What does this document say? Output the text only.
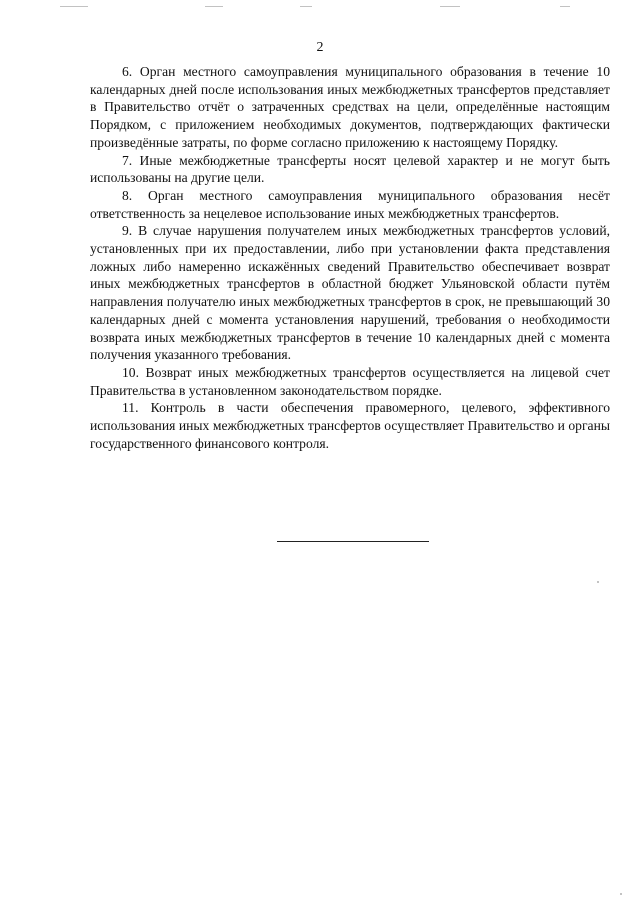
2

6. Орган местного самоуправления муниципального образования в течение 10 календарных дней после использования иных межбюджетных трансфертов представляет в Правительство отчёт о затраченных средствах на цели, определённые настоящим Порядком, с приложением необходимых документов, подтверждающих фактически произведённые затраты, по форме согласно приложению к настоящему Порядку.

7. Иные межбюджетные трансферты носят целевой характер и не могут быть использованы на другие цели.

8. Орган местного самоуправления муниципального образования несёт ответственность за нецелевое использование иных межбюджетных трансфертов.

9. В случае нарушения получателем иных межбюджетных трансфертов условий, установленных при их предоставлении, либо при установлении факта представления ложных либо намеренно искажённых сведений Правительство обеспечивает возврат иных межбюджетных трансфертов в областной бюджет Ульяновской области путём направления получателю иных межбюджетных трансфертов в срок, не превышающий 30 календарных дней с момента установления нарушений, требования о необходимости возврата иных межбюджетных трансфертов в течение 10 календарных дней с момента получения указанного требования.

10. Возврат иных межбюджетных трансфертов осуществляется на лицевой счет Правительства в установленном законодательством порядке.

11. Контроль в части обеспечения правомерного, целевого, эффективного использования иных межбюджетных трансфертов осуществляет Правительство и органы государственного финансового контроля.
